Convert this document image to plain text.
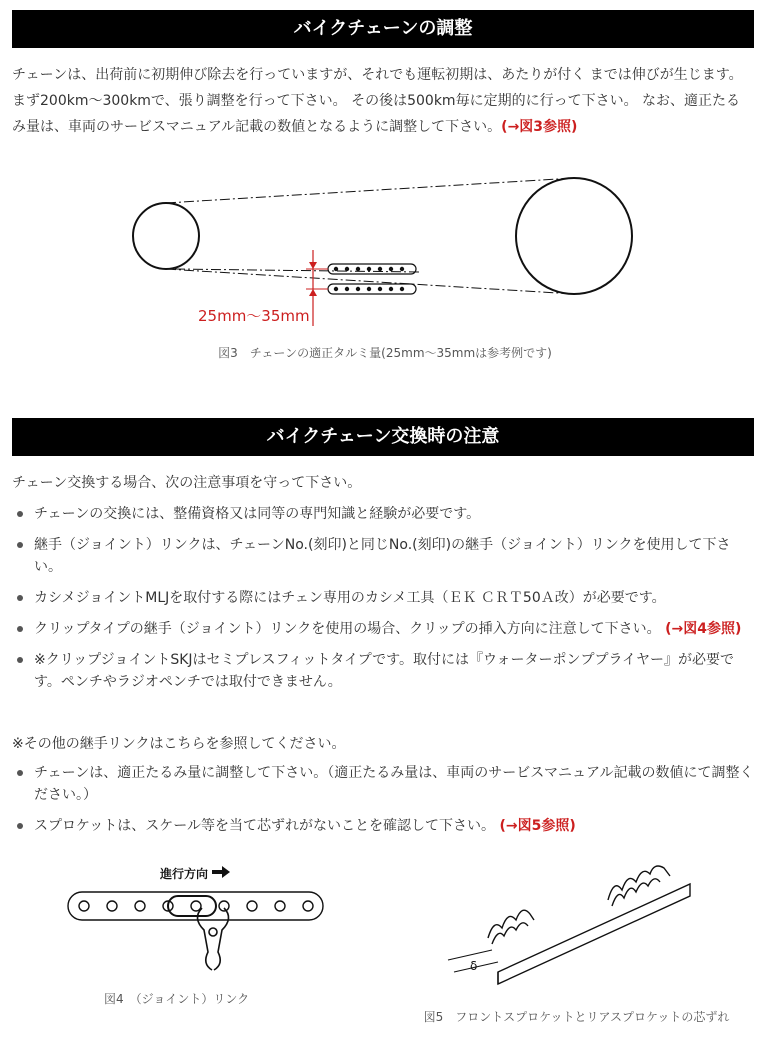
バイクチェーンの調整

チェーンは、出荷前に初期伸び除去を行っていますが、それでも運転初期は、あたりが付く までは伸びが生じます。まず200km～300kmで、張り調整を行って下さい。 その後は500km毎に定期的に行って下さい。 なお、適正たるみ量は、車両のサービスマニュアル記載の数値となるように調整して下さい。(→図3参照)

25mm～35mm
図3　チェーンの適正タルミ量(25mm～35mmは参考例です)
バイクチェーン交換時の注意
チェーン交換する場合、次の注意事項を守って下さい。
チェーンの交換には、整備資格又は同等の専門知識と経験が必要です。
継手（ジョイント）リンクは、チェーンNo.(刻印)と同じNo.(刻印)の継手（ジョイント）リンクを使用して下さい。
カシメジョイントMLJを取付する際にはチェン専用のカシメ工具（ＥＫ ＣＲＴ50Ａ改）が必要です。
クリップタイプの継手（ジョイント）リンクを使用の場合、クリップの挿入方向に注意して下さい。 (→図4参照)
※クリップジョイントSKJはセミプレスフィットタイプです。取付には『ウォーターポンププライヤー』が必要です。ペンチやラジオペンチでは取付できません。
※その他の継手リンクはこちらを参照してください。
チェーンは、適正たるみ量に調整して下さい。（適正たるみ量は、車両のサービスマニュアル記載の数値にて調整ください。）
スプロケットは、スケール等を当て芯ずれがないことを確認して下さい。 (→図5参照)
進行方向
図4　（ジョイント）リンク
δ
図5　フロントスプロケットとリアスプロケットの芯ずれ
